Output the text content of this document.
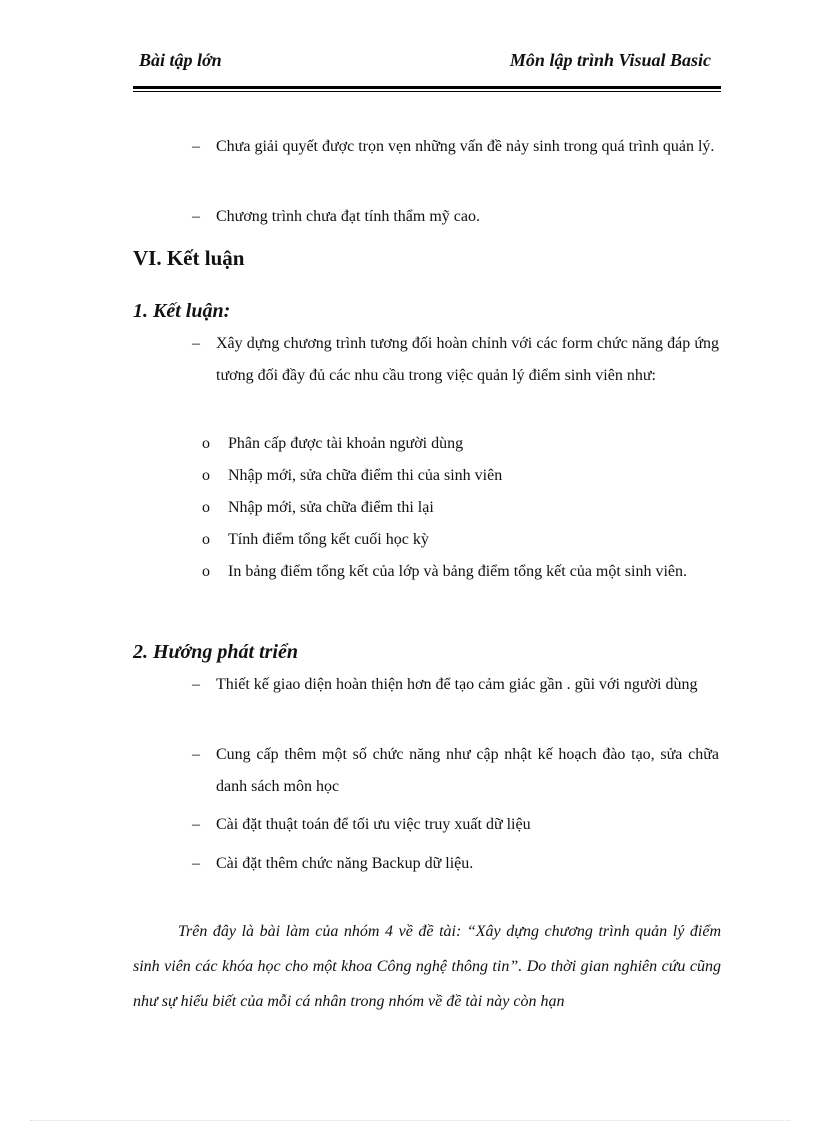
Bài tập lớn	Môn lập trình Visual Basic
– Chưa giải quyết được trọn vẹn những vấn đề nảy sinh trong quá trình quản lý.
– Chương trình chưa đạt tính thẩm mỹ cao.
VI. Kết luận
1. Kết luận:
– Xây dựng chương trình tương đối hoàn chỉnh với các form chức năng đáp ứng tương đối đầy đủ các nhu cầu trong việc quản lý điểm sinh viên như:
o Phân cấp được tài khoản người dùng
o Nhập mới, sửa chữa điểm thi của sinh viên
o Nhập mới, sửa chữa điểm thi lại
o Tính điểm tổng kết cuối học kỳ
o In bảng điểm tổng kết của lớp và bảng điểm tổng kết của một sinh viên.
2. Hướng phát triển
– Thiết kế giao diện hoàn thiện hơn để tạo cảm giác gần . gũi với người dùng
– Cung cấp thêm một số chức năng như cập nhật kế hoạch đào tạo, sửa chữa danh sách môn học
– Cài đặt thuật toán để tối ưu việc truy xuất dữ liệu
– Cài đặt thêm chức năng Backup dữ liệu.
Trên đây là bài làm của nhóm 4 về đề tài: “Xây dựng chương trình quản lý điểm sinh viên các khóa học cho một khoa Công nghệ thông tin”. Do thời gian nghiên cứu cũng như sự hiểu biết của mỗi cá nhân trong nhóm về đề tài này còn hạn
